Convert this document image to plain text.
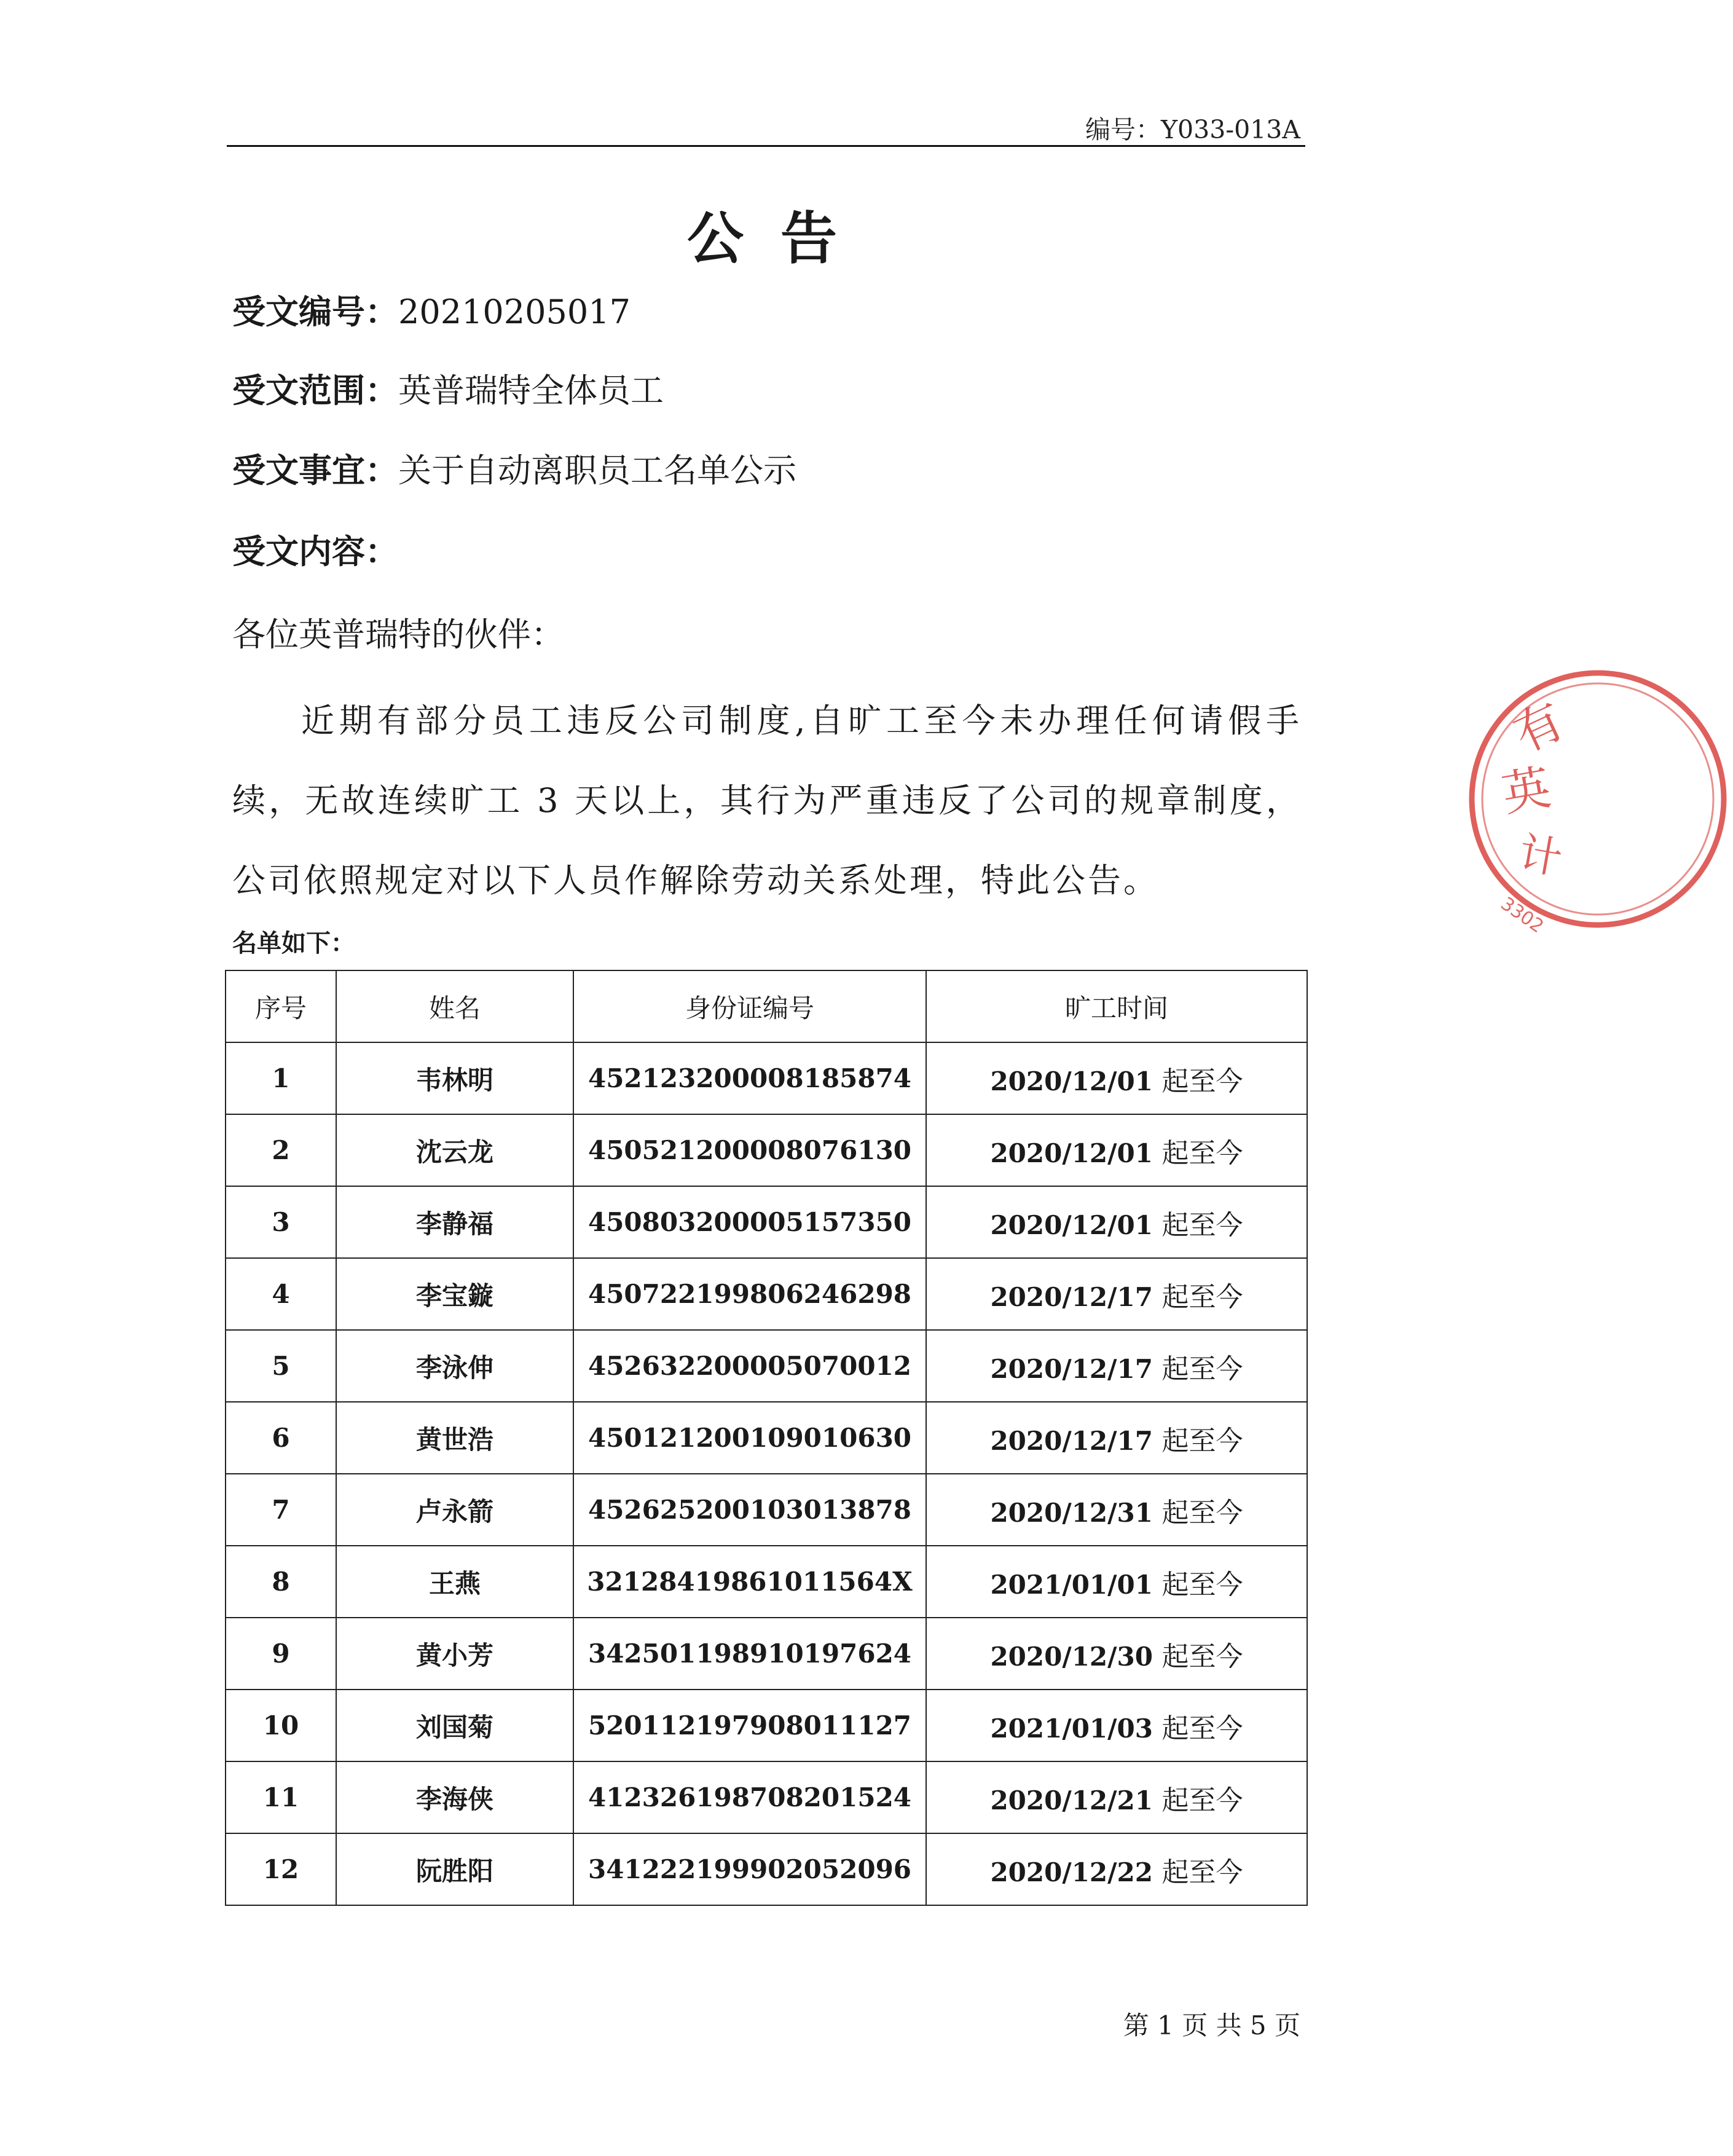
编号：Y033-013A
公告
受文编号：20210205017
受文范围：英普瑞特全体员工
受文事宜：关于自动离职员工名单公示
受文内容：
各位英普瑞特的伙伴：
近期有部分员工违反公司制度,自旷工至今未办理任何请假手续，无故连续旷工 3 天以上，其行为严重违反了公司的规章制度，公司依照规定对以下人员作解除劳动关系处理，特此公告。
名单如下：
序号	姓名	身份证编号	旷工时间
1	韦林明	452123200008185874	2020/12/01 起至今
2	沈云龙	450521200008076130	2020/12/01 起至今
3	李静福	450803200005157350	2020/12/01 起至今
4	李宝鏇	450722199806246298	2020/12/17 起至今
5	李泳伸	452632200005070012	2020/12/17 起至今
6	黄世浩	450121200109010630	2020/12/17 起至今
7	卢永箭	452625200103013878	2020/12/31 起至今
8	王燕	32128419861011564X	2021/01/01 起至今
9	黄小芳	342501198910197624	2020/12/30 起至今
10	刘国菊	520112197908011127	2021/01/03 起至今
11	李海侠	412326198708201524	2020/12/21 起至今
12	阮胜阳	341222199902052096	2020/12/22 起至今
第 1 页 共 5 页
有
英
计
3302
